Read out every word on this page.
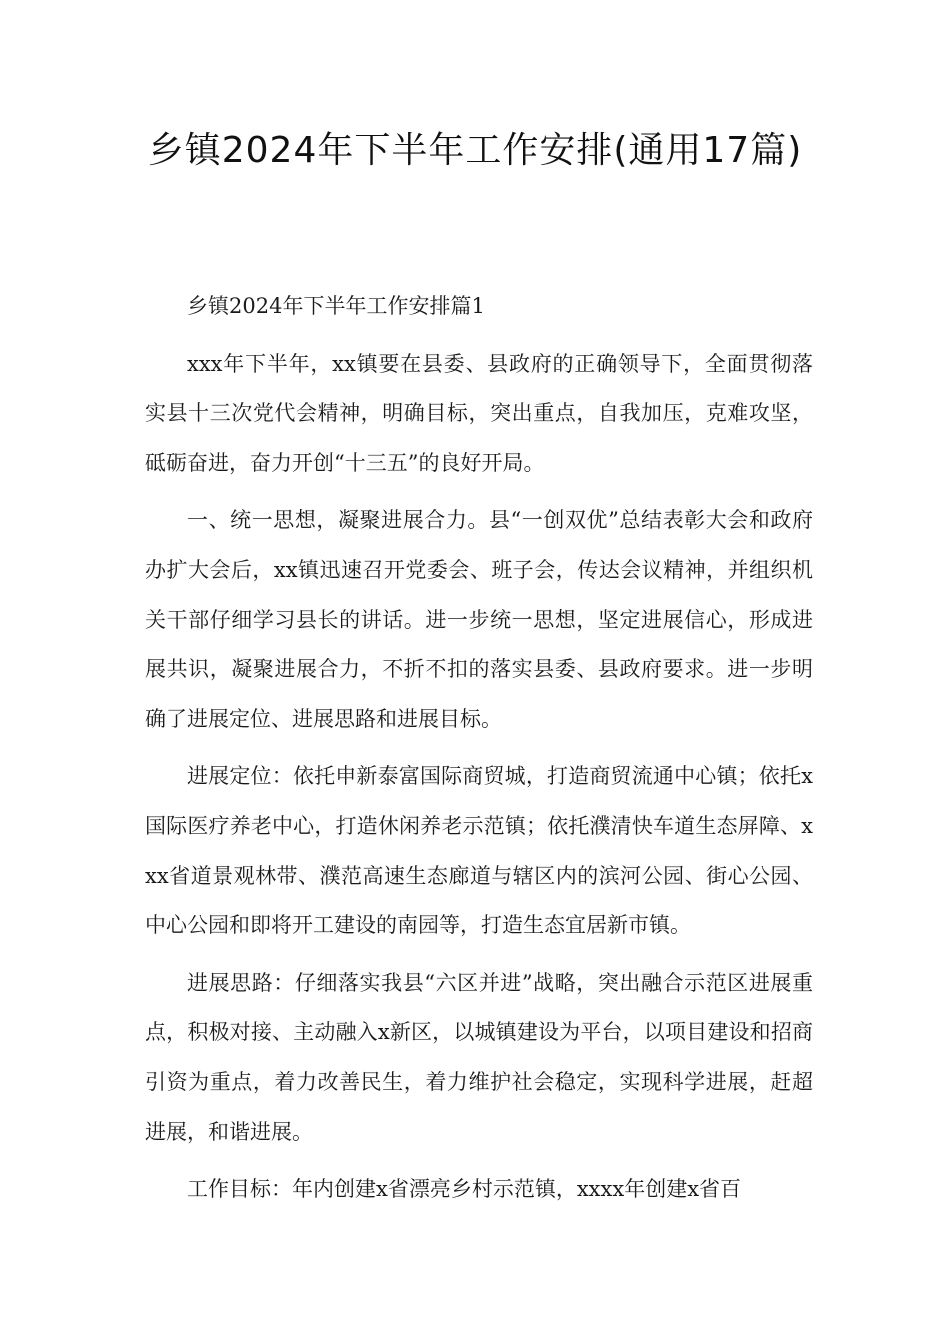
乡镇2024年下半年工作安排(通用17篇)

乡镇2024年下半年工作安排篇1

xxx年下半年，xx镇要在县委、县政府的正确领导下，全面贯彻落实县十三次党代会精神，明确目标，突出重点，自我加压，克难攻坚，砥砺奋进，奋力开创“十三五”的良好开局。

一、统一思想，凝聚进展合力。县“一创双优”总结表彰大会和政府办扩大会后，xx镇迅速召开党委会、班子会，传达会议精神，并组织机关干部仔细学习县长的讲话。进一步统一思想，坚定进展信心，形成进展共识，凝聚进展合力，不折不扣的落实县委、县政府要求。进一步明确了进展定位、进展思路和进展目标。

进展定位：依托申新泰富国际商贸城，打造商贸流通中心镇；依托x国际医疗养老中心，打造休闲养老示范镇；依托濮清快车道生态屏障、xxx省道景观林带、濮范高速生态廊道与辖区内的滨河公园、街心公园、中心公园和即将开工建设的南园等，打造生态宜居新市镇。

进展思路：仔细落实我县“六区并进”战略，突出融合示范区进展重点，积极对接、主动融入x新区，以城镇建设为平台，以项目建设和招商引资为重点，着力改善民生，着力维护社会稳定，实现科学进展，赶超进展，和谐进展。

工作目标：年内创建x省漂亮乡村示范镇，xxxx年创建x省百
